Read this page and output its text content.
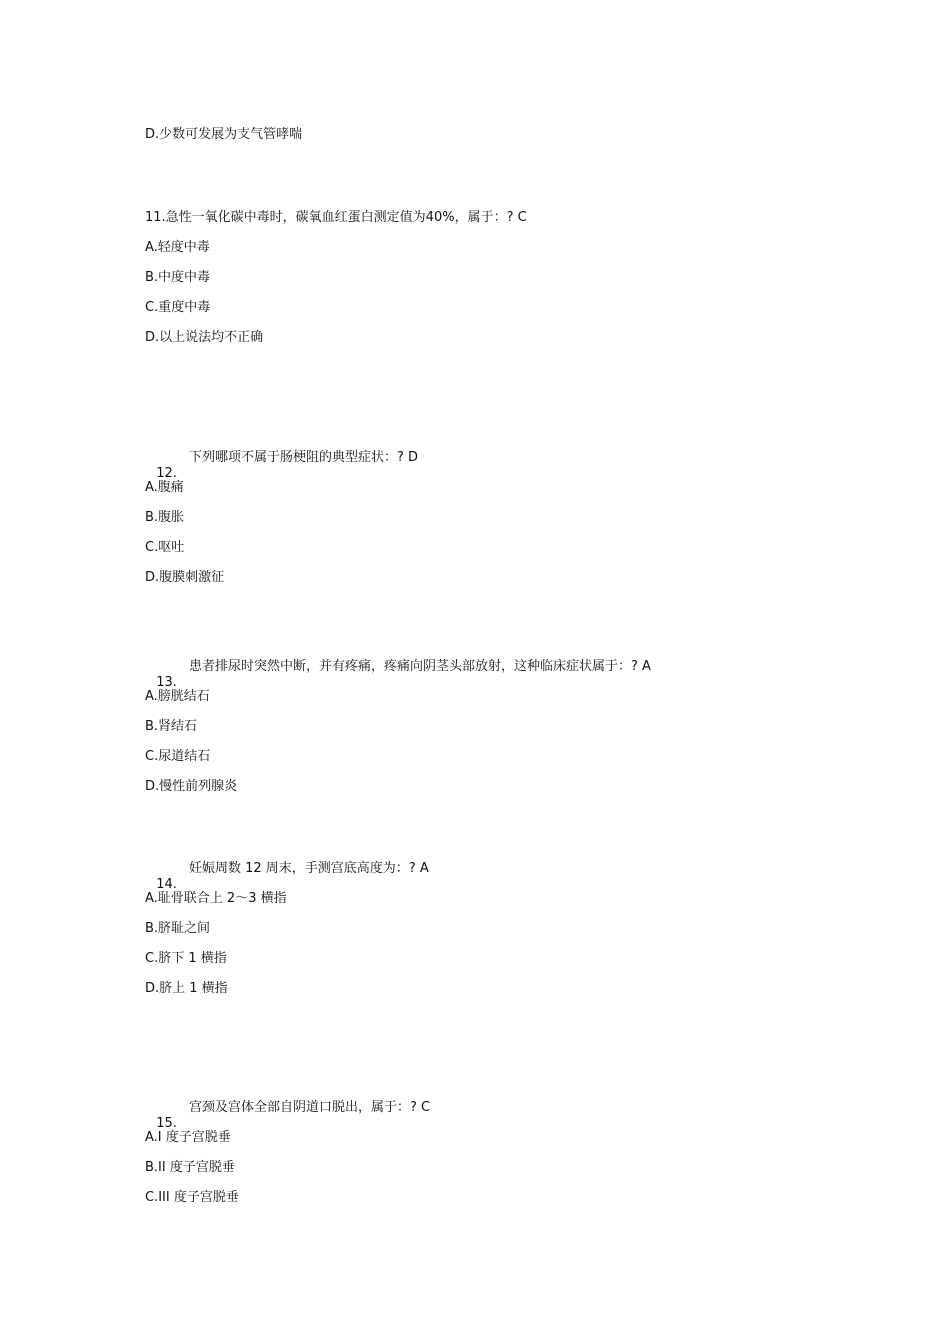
D.少数可发展为支气管哮喘
11.急性一氧化碳中毒时，碳氧血红蛋白测定值为40%，属于：? C
A.轻度中毒
B.中度中毒
C.重度中毒
D.以上说法均不正确

12.

下列哪项不属于肠梗阻的典型症状：? D

A.腹痛
B.腹胀
C.呕吐
D.腹膜刺激征

13.

患者排尿时突然中断，并有疼痛，疼痛向阴茎头部放射，这种临床症状属于：? A

A.膀胱结石
B.肾结石
C.尿道结石
D.慢性前列腺炎

14.

妊娠周数 12 周末，手测宫底高度为：? A

A.耻骨联合上 2～3 横指
B.脐耻之间
C.脐下 1 横指
D.脐上 1 横指

15.

宫颈及宫体全部自阴道口脱出，属于：? C

A.I 度子宫脱垂
B.II 度子宫脱垂
C.III 度子宫脱垂
